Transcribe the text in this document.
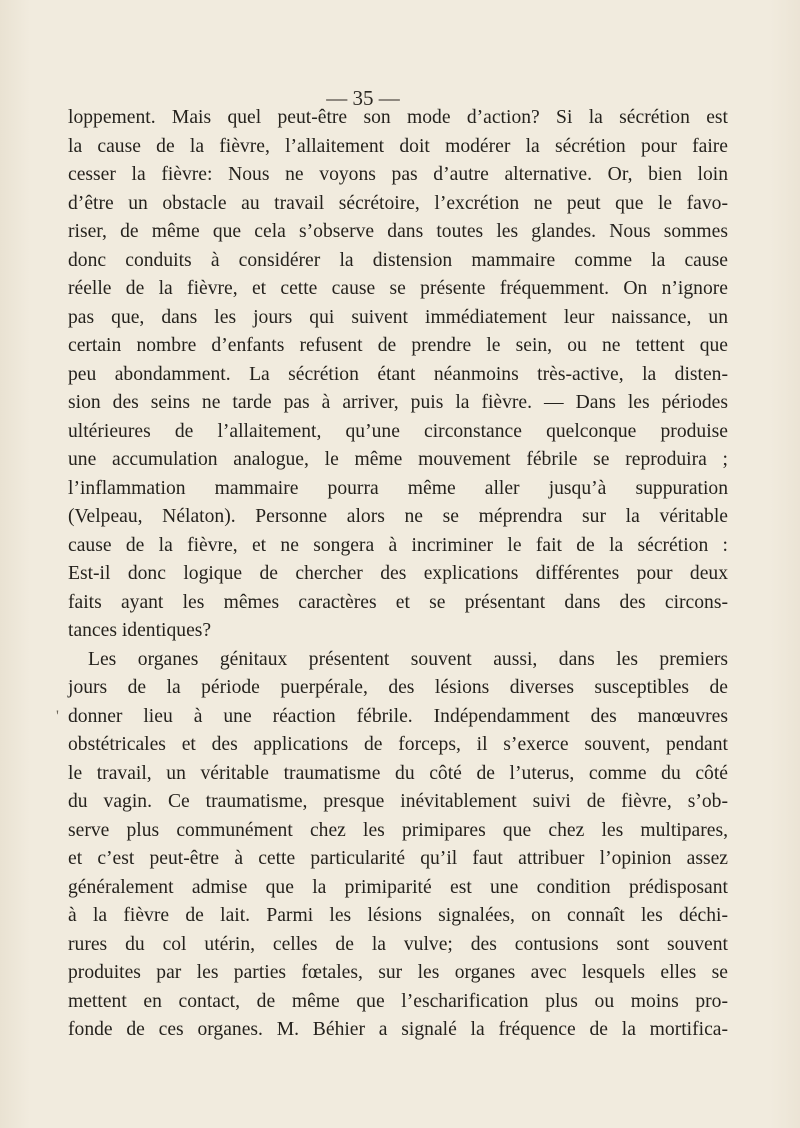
— 35 —
loppement. Mais quel peut-être son mode d’action? Si la sécrétion est
la cause de la fièvre, l’allaitement doit modérer la sécrétion pour faire
cesser la fièvre: Nous ne voyons pas d’autre alternative. Or, bien loin
d’être un obstacle au travail sécrétoire, l’excrétion ne peut que le favo-
riser, de même que cela s’observe dans toutes les glandes. Nous sommes
donc conduits à considérer la distension mammaire comme la cause
réelle de la fièvre, et cette cause se présente fréquemment. On n’ignore
pas que, dans les jours qui suivent immédiatement leur naissance, un
certain nombre d’enfants refusent de prendre le sein, ou ne tettent que
peu abondamment. La sécrétion étant néanmoins très-active, la disten-
sion des seins ne tarde pas à arriver, puis la fièvre. — Dans les périodes
ultérieures de l’allaitement, qu’une circonstance quelconque produise
une accumulation analogue, le même mouvement fébrile se reproduira ;
l’inflammation mammaire pourra même aller jusqu’à suppuration
(Velpeau, Nélaton). Personne alors ne se méprendra sur la véritable
cause de la fièvre, et ne songera à incriminer le fait de la sécrétion :
Est-il donc logique de chercher des explications différentes pour deux
faits ayant les mêmes caractères et se présentant dans des circons-
tances identiques?
Les organes génitaux présentent souvent aussi, dans les premiers
jours de la période puerpérale, des lésions diverses susceptibles de
donner lieu à une réaction fébrile. Indépendamment des manœuvres
obstétricales et des applications de forceps, il s’exerce souvent, pendant
le travail, un véritable traumatisme du côté de l’uterus, comme du côté
du vagin. Ce traumatisme, presque inévitablement suivi de fièvre, s’ob-
serve plus communément chez les primipares que chez les multipares,
et c’est peut-être à cette particularité qu’il faut attribuer l’opinion assez
généralement admise que la primiparité est une condition prédisposant
à la fièvre de lait. Parmi les lésions signalées, on connaît les déchi-
rures du col utérin, celles de la vulve; des contusions sont souvent
produites par les parties fœtales, sur les organes avec lesquels elles se
mettent en contact, de même que l’escharification plus ou moins pro-
fonde de ces organes. M. Béhier a signalé la fréquence de la mortifica-
'
